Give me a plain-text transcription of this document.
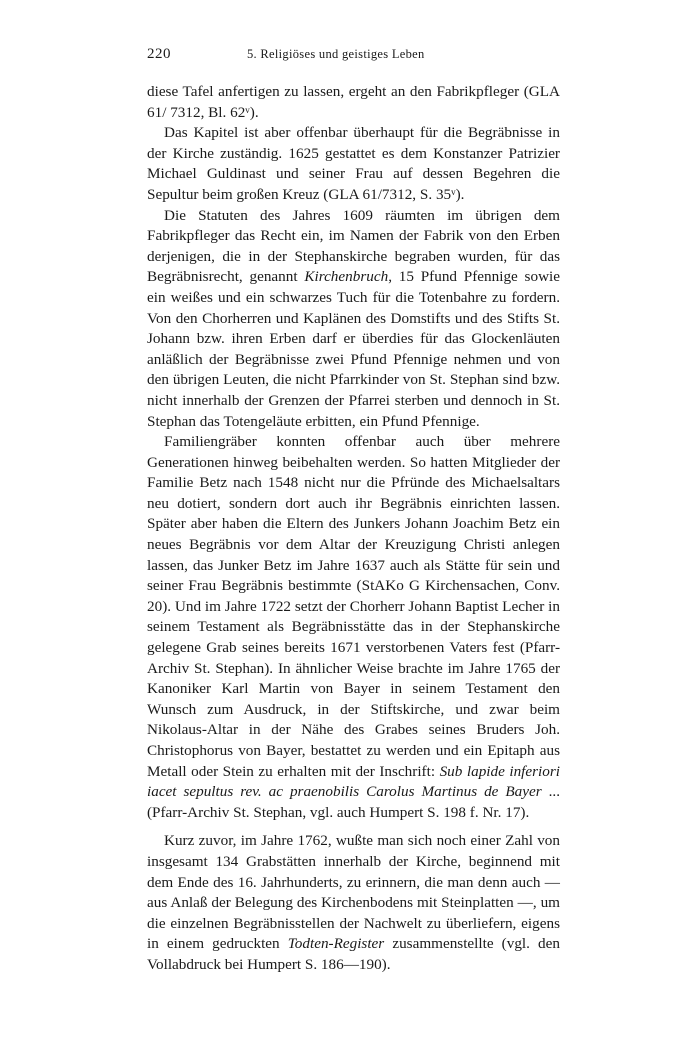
220	5. Religiöses und geistiges Leben

diese Tafel anfertigen zu lassen, ergeht an den Fabrikpfleger (GLA 61/ 7312, Bl. 62ᵛ).

Das Kapitel ist aber offenbar überhaupt für die Begräbnisse in der Kirche zuständig. 1625 gestattet es dem Konstanzer Patrizier Michael Guldinast und seiner Frau auf dessen Begehren die Sepultur beim großen Kreuz (GLA 61/7312, S. 35ᵛ).

Die Statuten des Jahres 1609 räumten im übrigen dem Fabrikpfleger das Recht ein, im Namen der Fabrik von den Erben derjenigen, die in der Stephanskirche begraben wurden, für das Begräbnisrecht, genannt Kirchenbruch, 15 Pfund Pfennige sowie ein weißes und ein schwarzes Tuch für die Totenbahre zu fordern. Von den Chorherren und Kaplänen des Domstifts und des Stifts St. Johann bzw. ihren Erben darf er überdies für das Glockenläuten anläßlich der Begräbnisse zwei Pfund Pfennige nehmen und von den übrigen Leuten, die nicht Pfarrkinder von St. Stephan sind bzw. nicht innerhalb der Grenzen der Pfarrei sterben und dennoch in St. Stephan das Totengeläute erbitten, ein Pfund Pfennige.

Familiengräber konnten offenbar auch über mehrere Generationen hinweg beibehalten werden. So hatten Mitglieder der Familie Betz nach 1548 nicht nur die Pfründe des Michaelsaltars neu dotiert, sondern dort auch ihr Begräbnis einrichten lassen. Später aber haben die Eltern des Junkers Johann Joachim Betz ein neues Begräbnis vor dem Altar der Kreuzigung Christi anlegen lassen, das Junker Betz im Jahre 1637 auch als Stätte für sein und seiner Frau Begräbnis bestimmte (StAKo G Kirchensachen, Conv. 20). Und im Jahre 1722 setzt der Chorherr Johann Baptist Lecher in seinem Testament als Begräbnisstätte das in der Stephanskirche gelegene Grab seines bereits 1671 verstorbenen Vaters fest (Pfarr-Archiv St. Stephan). In ähnlicher Weise brachte im Jahre 1765 der Kanoniker Karl Martin von Bayer in seinem Testament den Wunsch zum Ausdruck, in der Stiftskirche, und zwar beim Nikolaus-Altar in der Nähe des Grabes seines Bruders Joh. Christophorus von Bayer, bestattet zu werden und ein Epitaph aus Metall oder Stein zu erhalten mit der Inschrift: Sub lapide inferiori iacet sepultus rev. ac praenobilis Carolus Martinus de Bayer ... (Pfarr-Archiv St. Stephan, vgl. auch Humpert S. 198 f. Nr. 17).

Kurz zuvor, im Jahre 1762, wußte man sich noch einer Zahl von insgesamt 134 Grabstätten innerhalb der Kirche, beginnend mit dem Ende des 16. Jahrhunderts, zu erinnern, die man denn auch — aus Anlaß der Belegung des Kirchenbodens mit Steinplatten —, um die einzelnen Begräbnisstellen der Nachwelt zu überliefern, eigens in einem gedruckten Todten-Register zusammenstellte (vgl. den Vollabdruck bei Humpert S. 186—190).
